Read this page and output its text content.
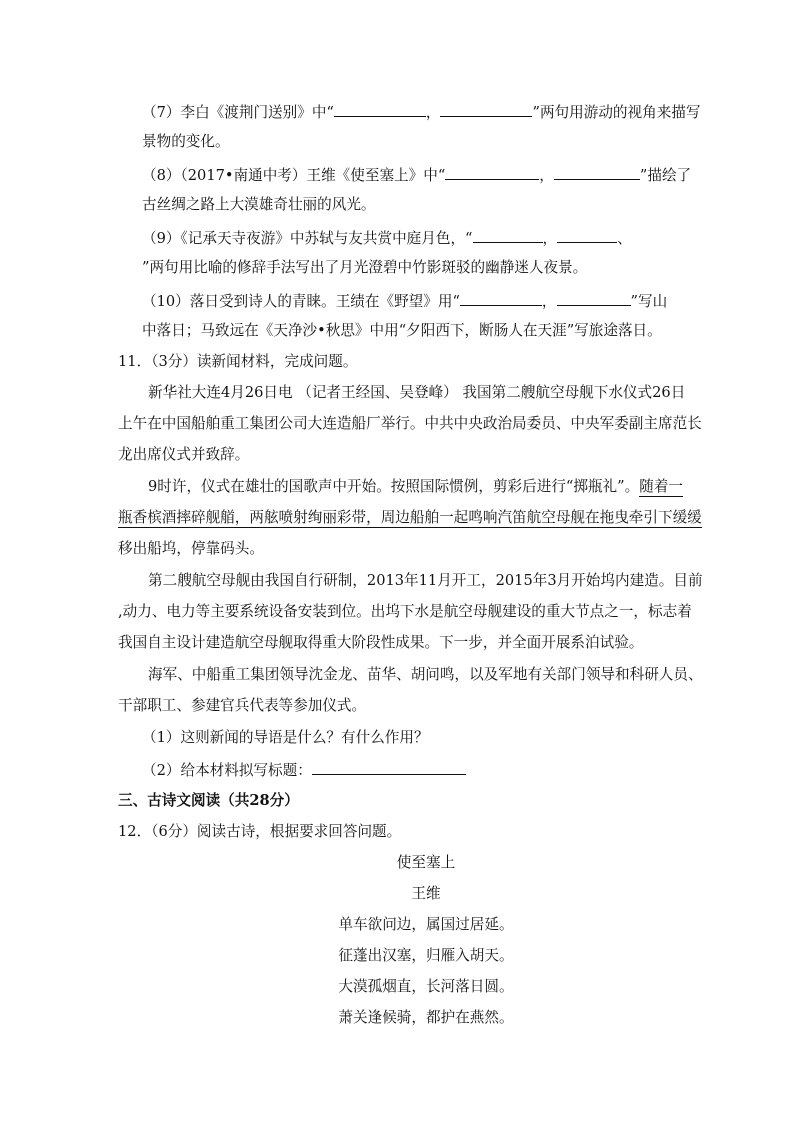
（7）李白《渡荆门送别》中“	，	”两句用游动的视角来描写
景物的变化。
（8）（2017•南通中考）王维《使至塞上》中“	，	”描绘了
古丝绸之路上大漠雄奇壮丽的风光。
（9）《记承天寺夜游》中苏轼与友共赏中庭月色，“	，	、
”两句用比喻的修辞手法写出了月光澄碧中竹影斑驳的幽静迷人夜景。
（10）落日受到诗人的青睐。王绩在《野望》用“	，	”写山
中落日；马致远在《天净沙•秋思》中用“夕阳西下，断肠人在天涯”写旅途落日。
11．（3分）读新闻材料，完成问题。
新华社大连4月26日电 （记者王经国、吴登峰） 我国第二艘航空母舰下水仪式26日
上午在中国船舶重工集团公司大连造船厂举行。中共中央政治局委员、中央军委副主席范长
龙出席仪式并致辞。
9时许，仪式在雄壮的国歌声中开始。按照国际惯例，剪彩后进行“掷瓶礼”。随着一
瓶香槟酒摔碎舰艏，两舷喷射绚丽彩带，周边船舶一起鸣响汽笛航空母舰在拖曳牵引下缓缓
移出船坞，停靠码头。
第二艘航空母舰由我国自行研制，2013年11月开工，2015年3月开始坞内建造。目前
,动力、电力等主要系统设备安装到位。出坞下水是航空母舰建设的重大节点之一，标志着
我国自主设计建造航空母舰取得重大阶段性成果。下一步，并全面开展系泊试验。
海军、中船重工集团领导沈金龙、苗华、胡问鸣，以及军地有关部门领导和科研人员、
干部职工、参建官兵代表等参加仪式。
（1）这则新闻的导语是什么？有什么作用？
（2）给本材料拟写标题：
三、古诗文阅读（共28分）
12．（6分）阅读古诗，根据要求回答问题。
使至塞上
王维
单车欲问边，属国过居延。
征蓬出汉塞，归雁入胡天。
大漠孤烟直，长河落日圆。
萧关逢候骑，都护在燕然。
